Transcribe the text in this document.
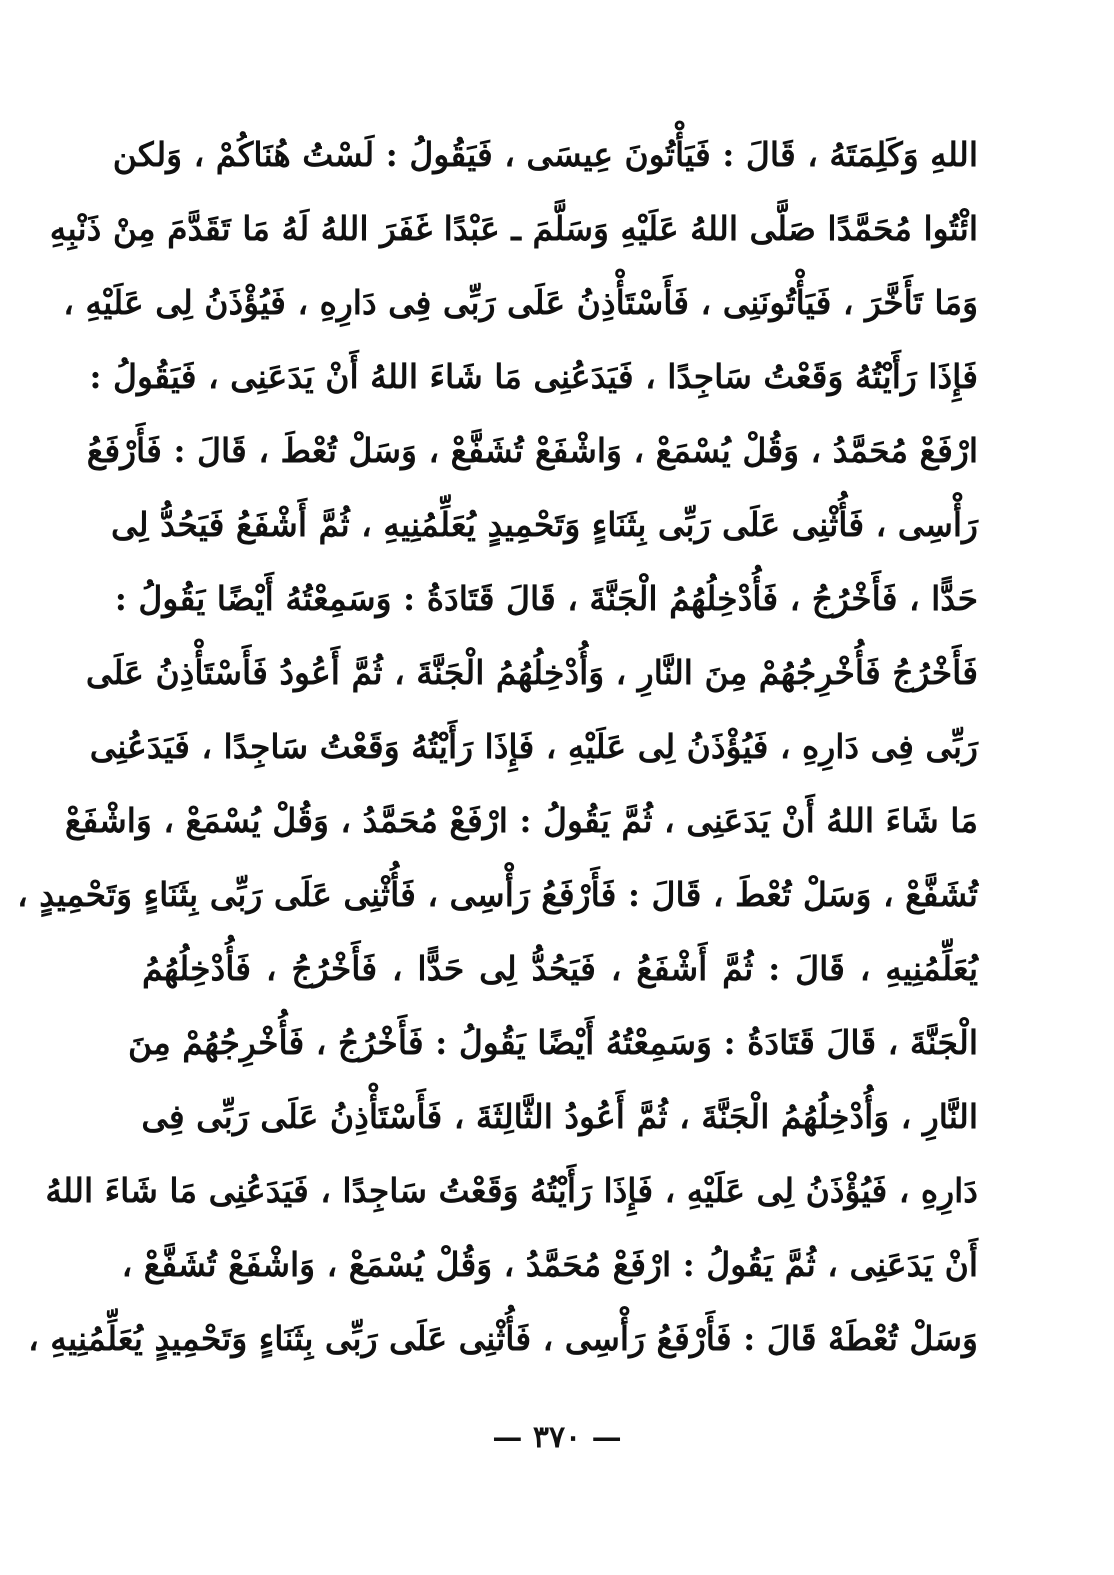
اللهِ وَكَلِمَتَهُ ، قَالَ : فَيَأْتُونَ عِيسَى ، فَيَقُولُ : لَسْتُ هُنَاكُمْ ، وَلكن
ائْتُوا مُحَمَّدًا صَلَّى اللهُ عَلَيْهِ وَسَلَّمَ ـ عَبْدًا غَفَرَ اللهُ لَهُ مَا تَقَدَّمَ مِنْ ذَنْبِهِ
وَمَا تَأَخَّرَ ، فَيَأْتُونَنِى ، فَأَسْتَأْذِنُ عَلَى رَبِّى فِى دَارِهِ ، فَيُؤْذَنُ لِى عَلَيْهِ ،
فَإِذَا رَأَيْتُهُ وَقَعْتُ سَاجِدًا ، فَيَدَعُنِى مَا شَاءَ اللهُ أَنْ يَدَعَنِى ، فَيَقُولُ :
ارْفَعْ مُحَمَّدُ ، وَقُلْ يُسْمَعْ ، وَاشْفَعْ تُشَفَّعْ ، وَسَلْ تُعْطَ ، قَالَ : فَأَرْفَعُ
رَأْسِى ، فَأُثْنِى عَلَى رَبِّى بِثَنَاءٍ وَتَحْمِيدٍ يُعَلِّمُنِيهِ ، ثُمَّ أَشْفَعُ فَيَحُدُّ لِى
حَدًّا ، فَأَخْرُجُ ، فَأُدْخِلُهُمُ الْجَنَّةَ ، قَالَ قَتَادَةُ : وَسَمِعْتُهُ أَيْضًا يَقُولُ :
فَأَخْرُجُ فَأُخْرِجُهُمْ مِنَ النَّارِ ، وَأُدْخِلُهُمُ الْجَنَّةَ ، ثُمَّ أَعُودُ فَأَسْتَأْذِنُ عَلَى
رَبِّى فِى دَارِهِ ، فَيُؤْذَنُ لِى عَلَيْهِ ، فَإِذَا رَأَيْتُهُ وَقَعْتُ سَاجِدًا ، فَيَدَعُنِى
مَا شَاءَ اللهُ أَنْ يَدَعَنِى ، ثُمَّ يَقُولُ : ارْفَعْ مُحَمَّدُ ، وَقُلْ يُسْمَعْ ، وَاشْفَعْ
تُشَفَّعْ ، وَسَلْ تُعْطَ ، قَالَ : فَأَرْفَعُ رَأْسِى ، فَأُثْنِى عَلَى رَبِّى بِثَنَاءٍ وَتَحْمِيدٍ ،
يُعَلِّمُنِيهِ ، قَالَ : ثُمَّ أَشْفَعُ ، فَيَحُدُّ لِى حَدًّا ، فَأَخْرُجُ ، فَأُدْخِلُهُمُ
الْجَنَّةَ ، قَالَ قَتَادَةُ : وَسَمِعْتُهُ أَيْضًا يَقُولُ : فَأَخْرُجُ ، فَأُخْرِجُهُمْ مِنَ
النَّارِ ، وَأُدْخِلُهُمُ الْجَنَّةَ ، ثُمَّ أَعُودُ الثَّالِثَةَ ، فَأَسْتَأْذِنُ عَلَى رَبِّى فِى
دَارِهِ ، فَيُؤْذَنُ لِى عَلَيْهِ ، فَإِذَا رَأَيْتُهُ وَقَعْتُ سَاجِدًا ، فَيَدَعُنِى مَا شَاءَ اللهُ
أَنْ يَدَعَنِى ، ثُمَّ يَقُولُ : ارْفَعْ مُحَمَّدُ ، وَقُلْ يُسْمَعْ ، وَاشْفَعْ تُشَفَّعْ ،
وَسَلْ تُعْطَهْ قَالَ : فَأَرْفَعُ رَأْسِى ، فَأُثْنِى عَلَى رَبِّى بِثَنَاءٍ وَتَحْمِيدٍ يُعَلِّمُنِيهِ ،
— ٣٧٠ —
